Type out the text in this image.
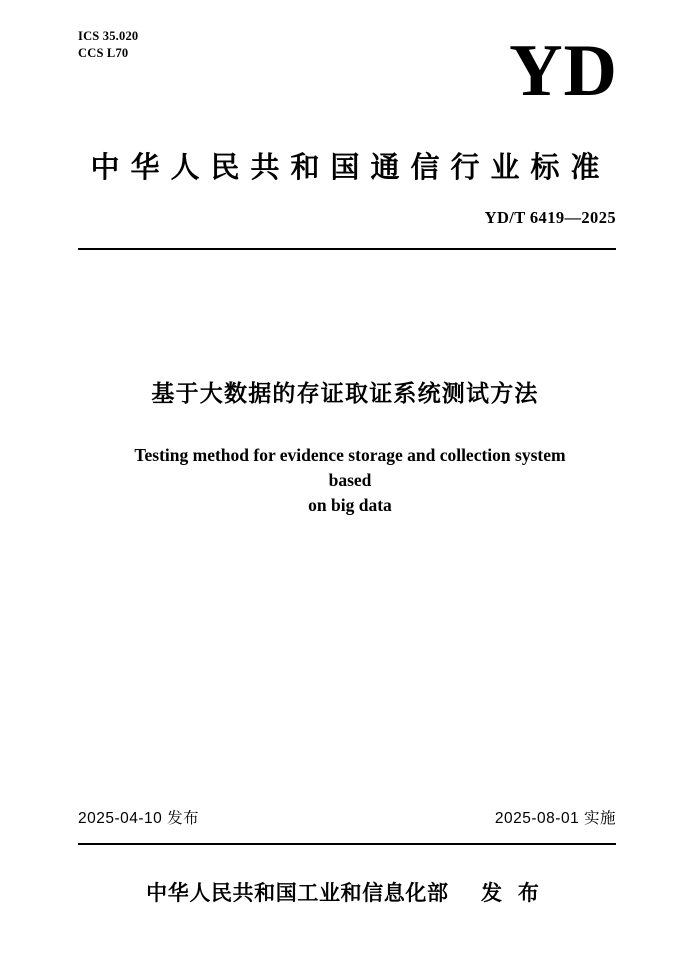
ICS 35.020
CCS L70	YD
中华人民共和国通信行业标准
YD/T 6419—2025
基于大数据的存证取证系统测试方法
Testing method for evidence storage and collection system based
on big data
2025-04-10 发布	2025-08-01 实施
中华人民共和国工业和信息化部 发 布
